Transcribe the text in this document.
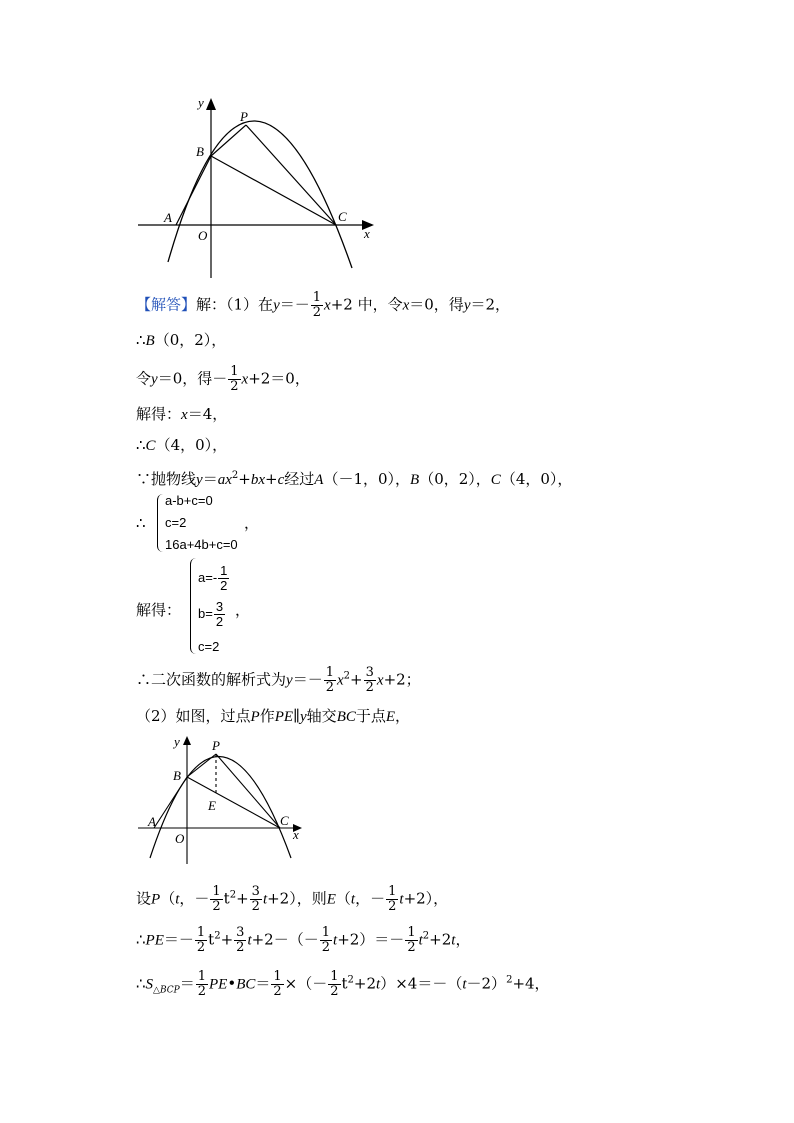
y
P
B
A
O
C
x
【解答】解：（1）在$y=- \frac{1}{2} x+2$ 中，令x＝0，得y＝2，
∴B（0，2），
令y＝0，得－ $\frac{1}{2} x+2=0$，
解得：x＝4，
∴C（4，0），
∵抛物线$y=ax^2+bx+c$经过A（－1，0），B（0，2），C（4，0），
∴
a-b+c=0
c=2
16a+4b+c=0
，
解得：
$a=- \frac{1}{2}$
$b= \frac{3}{2}$
c=2
，
∴二次函数的解析式为$y=- \frac{1}{2} x^2+ \frac{3}{2} x+2$；
（2）如图，过点P作PE∥y轴交BC于点E，
y P
B
E
A
O
C
x
设P（t，－ $\frac{1}{2} t^2+ \frac{3}{2} t+2$），则E（t，－ $\frac{1}{2} t+2$），
∴PE＝－ $\frac{1}{2} t^2+ \frac{3}{2} t+2-(- \frac{1}{2} t+2)=- \frac{1}{2} t^2+2t$，
$\therefore S_{\triangle BCP}= \frac{1}{2}$ PE•BC＝ $\frac{1}{2}$ ×（－ $\frac{1}{2} t^2+2t)\times 4=-(t-2)^2+4$，
